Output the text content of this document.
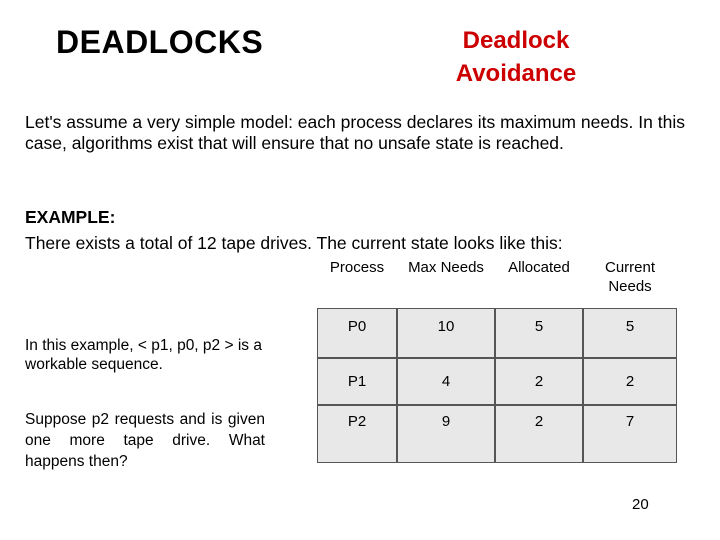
DEADLOCKS	Deadlock
Avoidance
Let's assume a very simple model: each process declares its maximum needs. In this case, algorithms exist that will ensure that no unsafe state is reached.
EXAMPLE:
There exists a total of 12 tape drives. The current state looks like this:
In this example, < p1, p0, p2 > is a workable sequence.
Suppose p2 requests and is given one more tape drive. What happens then?
Process	Max Needs	Allocated	Current
Needs

P0	10	5	5
P1	4	2	2
P2	9	2	7
20
